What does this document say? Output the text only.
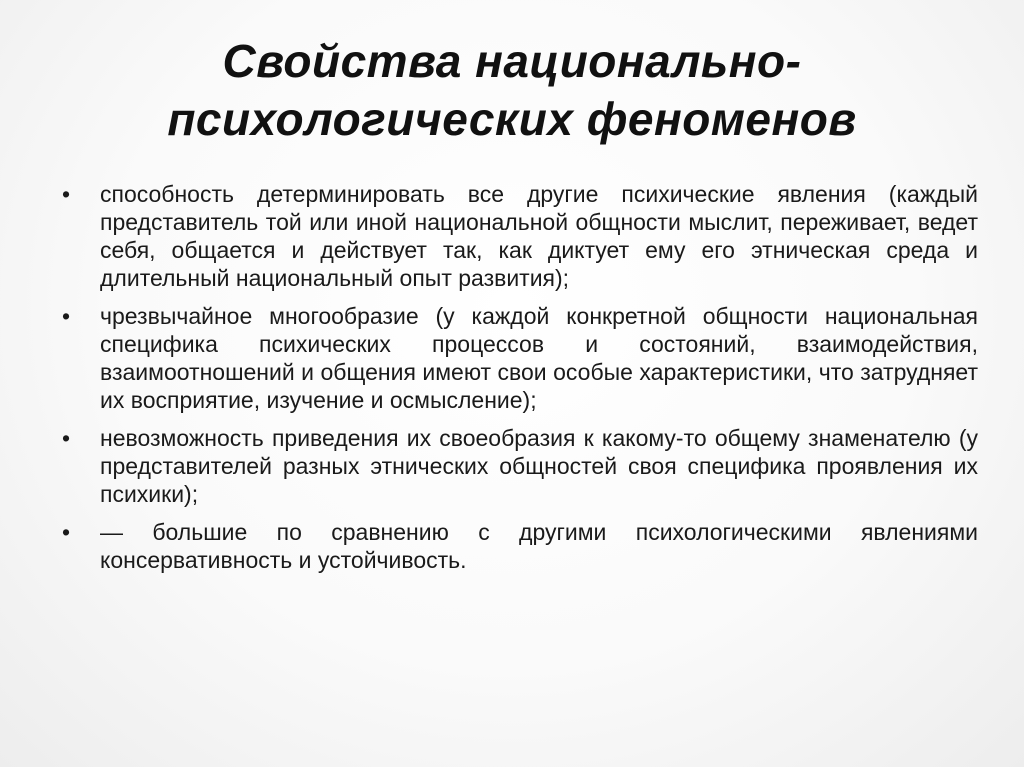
Свойства национально-
психологических феноменов
• способность детерминировать все другие психические явления (каждый представитель той или иной национальной общности мыслит, переживает, ведет себя, общается и действует так, как диктует ему его этническая среда и длительный национальный опыт развития);
• чрезвычайное многообразие (у каждой конкретной общности национальная специфика психических процессов и состояний, взаимодействия, взаимоотношений и общения имеют свои особые характеристики, что затрудняет их восприятие, изучение и осмысление);
• невозможность приведения их своеобразия к какому-то общему знаменателю (у представителей разных этнических общностей своя специфика проявления их психики);
• — большие по сравнению с другими психологическими явлениями консервативность и устойчивость.
